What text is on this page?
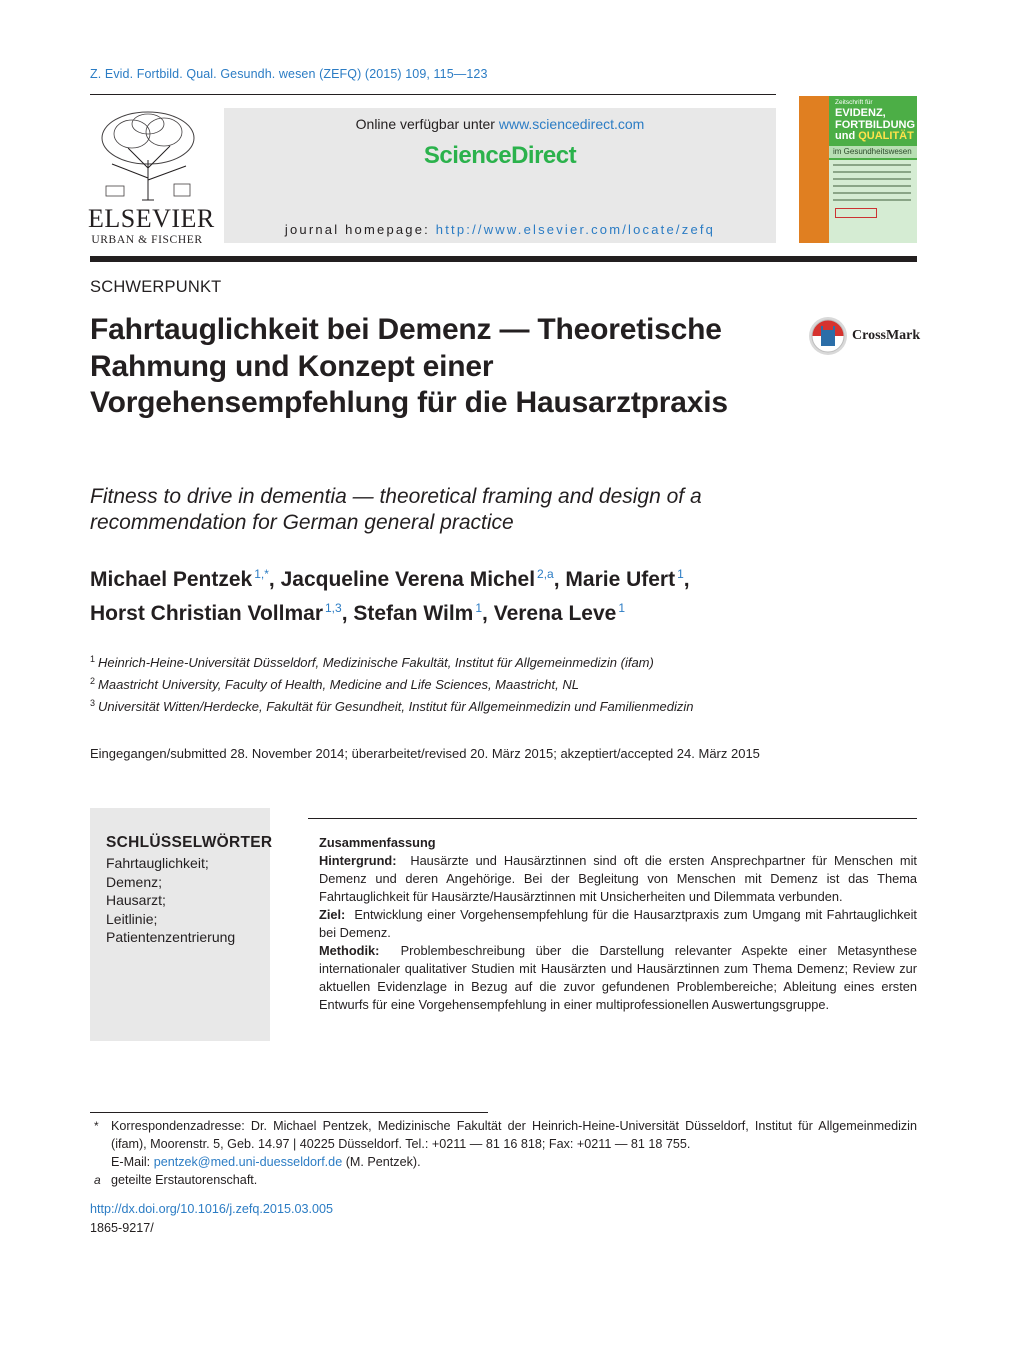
Z. Evid. Fortbild. Qual. Gesundh. wesen (ZEFQ) (2015) 109, 115—123
ELSEVIER
URBAN & FISCHER
Online verfügbar unter www.sciencedirect.com
ScienceDirect
journal homepage: http://www.elsevier.com/locate/zefq
Zeitschrift für
EVIDENZ,
FORTBILDUNG
und QUALITÄT
im Gesundheitswesen
SCHWERPUNKT
Fahrtauglichkeit bei Demenz — Theoretische Rahmung und Konzept einer Vorgehensempfehlung für die Hausarztpraxis
CrossMark
Fitness to drive in dementia — theoretical framing and design of a recommendation for German general practice
Michael Pentzek $^{1,*}$, Jacqueline Verena Michel $^{2,a}$, Marie Ufert $^1$,
Horst Christian Vollmar $^{1,3}$, Stefan Wilm $^1$, Verena Leve $^1$
$^1$ Heinrich-Heine-Universität Düsseldorf, Medizinische Fakultät, Institut für Allgemeinmedizin (ifam)
$^2$ Maastricht University, Faculty of Health, Medicine and Life Sciences, Maastricht, NL
$^3$ Universität Witten/Herdecke, Fakultät für Gesundheit, Institut für Allgemeinmedizin und Familienmedizin
Eingegangen/submitted 28. November 2014; überarbeitet/revised 20. März 2015; akzeptiert/accepted 24. März 2015
SCHLÜSSELWÖRTER
Fahrtauglichkeit;
Demenz;
Hausarzt;
Leitlinie;
Patientenzentrierung
Zusammenfassung
Hintergrund: Hausärzte und Hausärztinnen sind oft die ersten Ansprechpartner für Menschen mit Demenz und deren Angehörige. Bei der Begleitung von Menschen mit Demenz ist das Thema Fahrtauglichkeit für Hausärzte/Hausärztinnen mit Unsicherheiten und Dilemmata verbunden.
Ziel: Entwicklung einer Vorgehensempfehlung für die Hausarztpraxis zum Umgang mit Fahrtauglichkeit bei Demenz.
Methodik: Problembeschreibung über die Darstellung relevanter Aspekte einer Metasynthese internationaler qualitativer Studien mit Hausärzten und Hausärztinnen zum Thema Demenz; Review zur aktuellen Evidenzlage in Bezug auf die zuvor gefundenen Problembereiche; Ableitung eines ersten Entwurfs für eine Vorgehensempfehlung in einer multiprofessionellen Auswertungsgruppe.
* Korrespondenzadresse: Dr. Michael Pentzek, Medizinische Fakultät der Heinrich-Heine-Universität Düsseldorf, Institut für Allgemeinmedizin (ifam), Moorenstr. 5, Geb. 14.97 | 40225 Düsseldorf. Tel.: +0211 — 81 16 818; Fax: +0211 — 81 18 755.
E-Mail: pentzek@med.uni-duesseldorf.de (M. Pentzek).
a geteilte Erstautorenschaft.
http://dx.doi.org/10.1016/j.zefq.2015.03.005
1865-9217/
